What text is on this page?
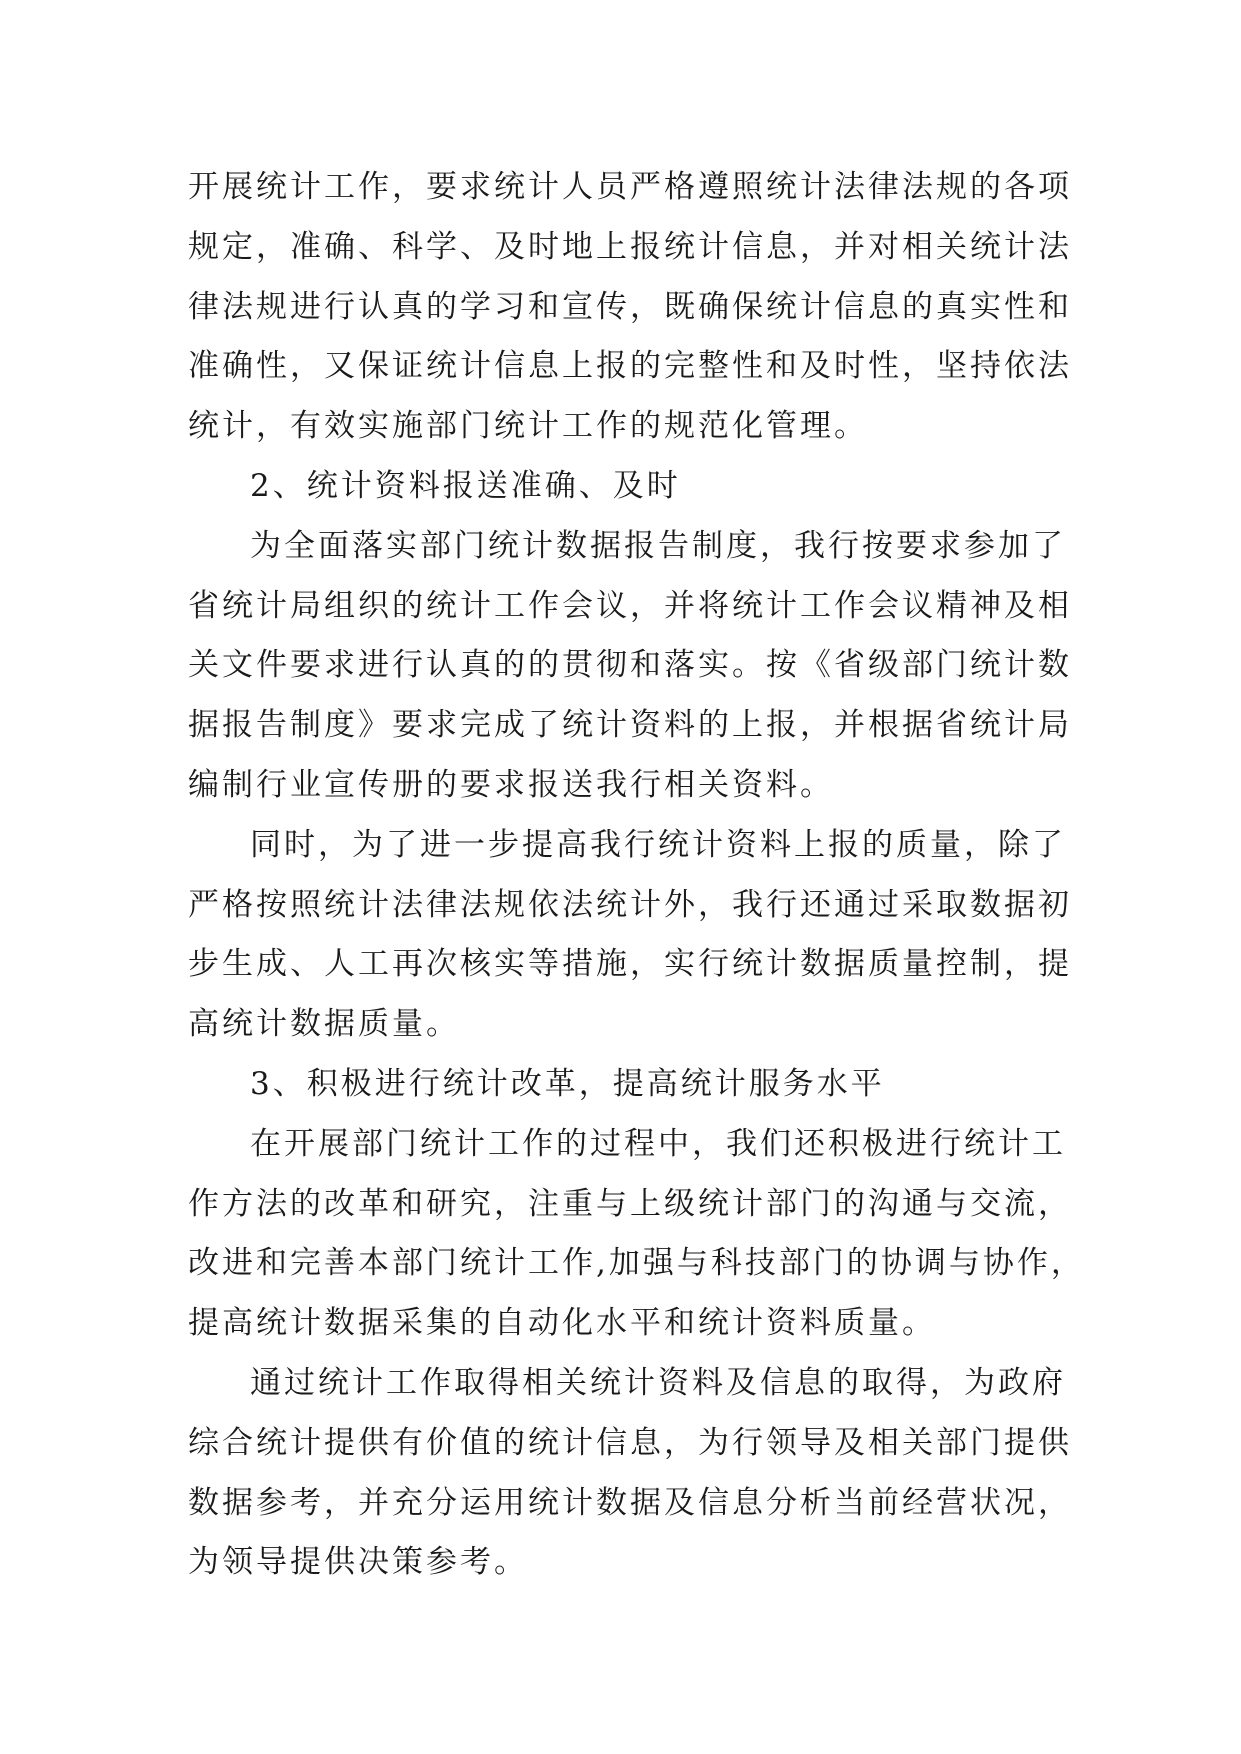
开展统计工作，要求统计人员严格遵照统计法律法规的各项
规定，准确、科学、及时地上报统计信息，并对相关统计法
律法规进行认真的学习和宣传，既确保统计信息的真实性和
准确性，又保证统计信息上报的完整性和及时性，坚持依法
统计，有效实施部门统计工作的规范化管理。
2、统计资料报送准确、及时
为全面落实部门统计数据报告制度，我行按要求参加了
省统计局组织的统计工作会议，并将统计工作会议精神及相
关文件要求进行认真的的贯彻和落实。按《省级部门统计数
据报告制度》要求完成了统计资料的上报，并根据省统计局
编制行业宣传册的要求报送我行相关资料。
同时，为了进一步提高我行统计资料上报的质量，除了
严格按照统计法律法规依法统计外，我行还通过采取数据初
步生成、人工再次核实等措施，实行统计数据质量控制，提
高统计数据质量。
3、积极进行统计改革，提高统计服务水平
在开展部门统计工作的过程中，我们还积极进行统计工
作方法的改革和研究，注重与上级统计部门的沟通与交流，
改进和完善本部门统计工作,加强与科技部门的协调与协作，
提高统计数据采集的自动化水平和统计资料质量。
通过统计工作取得相关统计资料及信息的取得，为政府
综合统计提供有价值的统计信息，为行领导及相关部门提供
数据参考，并充分运用统计数据及信息分析当前经营状况，
为领导提供决策参考。
